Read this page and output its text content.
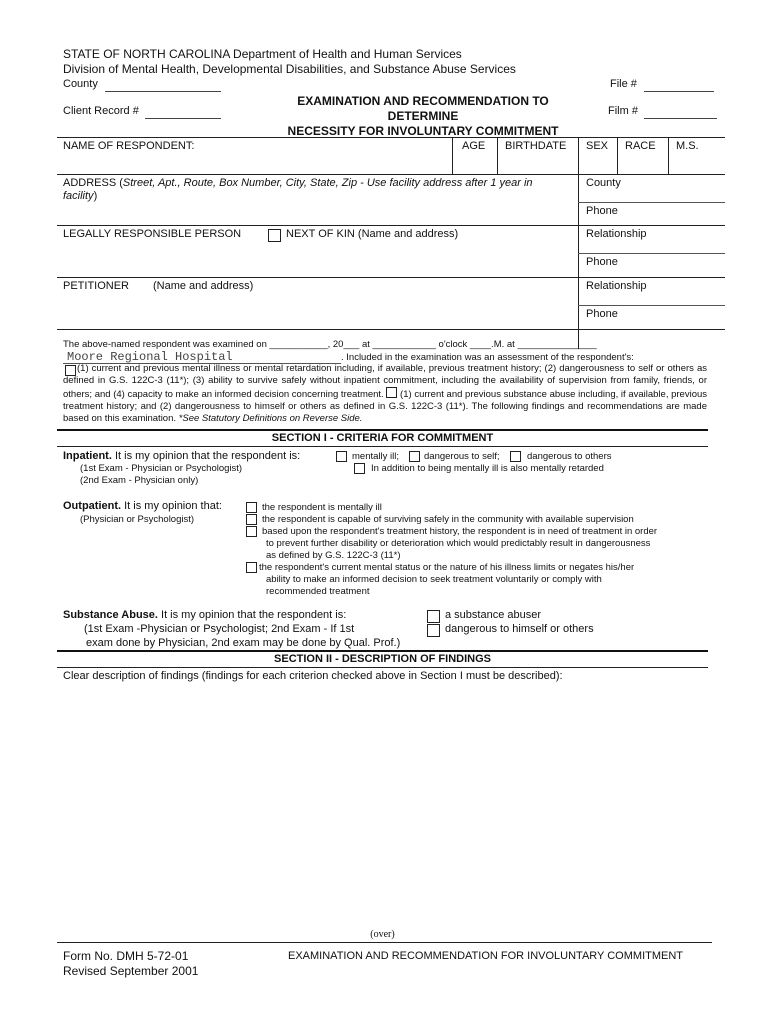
STATE OF NORTH CAROLINA Department of Health and Human Services
Division of Mental Health, Developmental Disabilities, and Substance Abuse Services
County	File #
Client Record #	Film #
EXAMINATION AND RECOMMENDATION TO
DETERMINE
NECESSITY FOR INVOLUNTARY COMMITMENT
NAME OF RESPONDENT:	AGE BIRTHDATE SEX RACE M.S.
ADDRESS (Street, Apt., Route, Box Number, City, State, Zip - Use facility address after 1 year in
facility)
County
Phone
LEGALLY RESPONSIBLE PERSON	NEXT OF KIN (Name and address)	Relationship
Phone
PETITIONER (Name and address)	Relationship
Phone
The above-named respondent was examined on ___________, 20___ at ____________ o'clock ____.M. at _______________
Moore Regional Hospital	. Included in the examination was an assessment of the respondent's:
(1) current and previous mental illness or mental retardation including, if available, previous treatment history; (2) dangerousness to self or others as defined in G.S. 122C-3 (11*); (3) ability to survive safely without inpatient commitment, including the availability of supervision from family, friends, or others; and (4) capacity to make an informed decision concerning treatment. (1) current and previous substance abuse including, if available, previous treatment history; and (2) dangerousness to himself or others as defined in G.S. 122C-3 (11*). The following findings and recommendations are made based on this examination. *See Statutory Definitions on Reverse Side.
SECTION I - CRITERIA FOR COMMITMENT
Inpatient. It is my opinion that the respondent is:
(1st Exam - Physician or Psychologist)
(2nd Exam - Physician only)
mentally ill;	dangerous to self;	dangerous to others
In addition to being mentally ill is also mentally retarded
Outpatient. It is my opinion that:
(Physician or Psychologist)
the respondent is mentally ill
the respondent is capable of surviving safely in the community with available supervision
based upon the respondent's treatment history, the respondent is in need of treatment in order
to prevent further disability or deterioration which would predictably result in dangerousness
as defined by G.S. 122C-3 (11*)
the respondent's current mental status or the nature of his illness limits or negates his/her
ability to make an informed decision to seek treatment voluntarily or comply with
recommended treatment
Substance Abuse. It is my opinion that the respondent is:
(1st Exam -Physician or Psychologist; 2nd Exam - If 1st
exam done by Physician, 2nd exam may be done by Qual. Prof.)
a substance abuser
dangerous to himself or others
SECTION II - DESCRIPTION OF FINDINGS
Clear description of findings (findings for each criterion checked above in Section I must be described):
(over)
Form No. DMH 5-72-01
Revised September 2001
EXAMINATION AND RECOMMENDATION FOR INVOLUNTARY COMMITMENT
